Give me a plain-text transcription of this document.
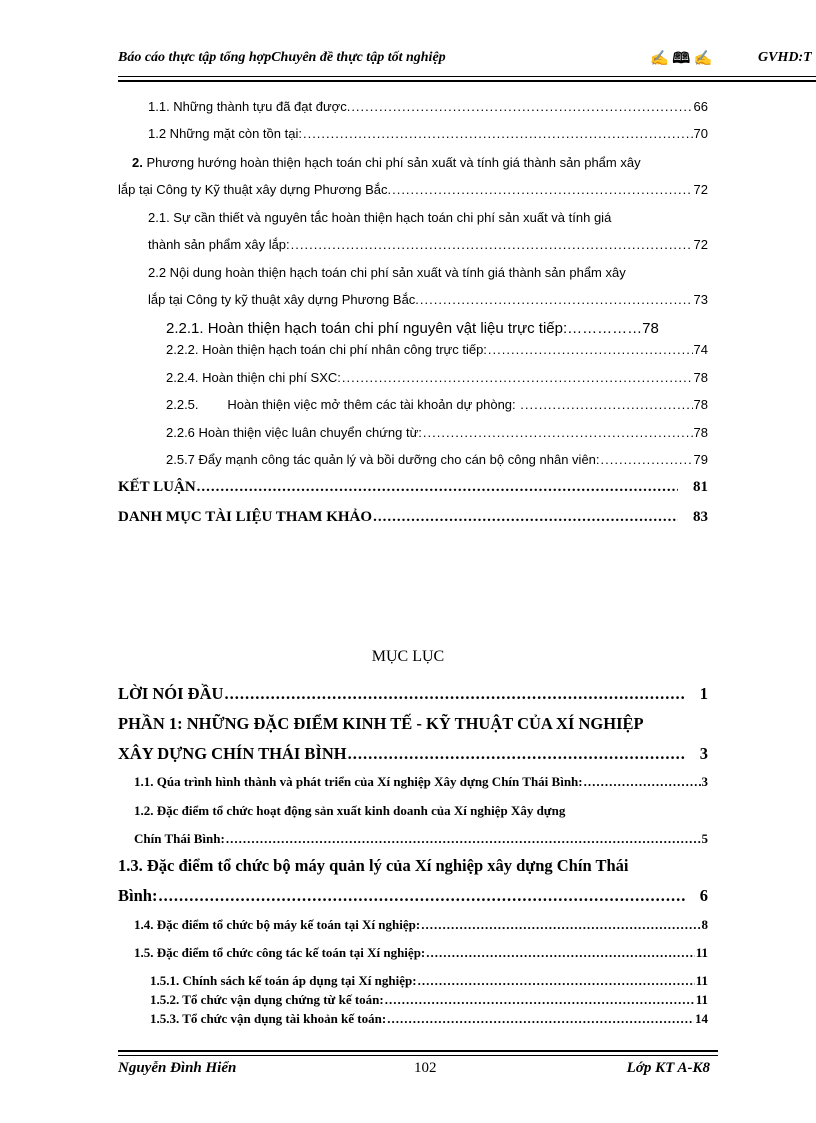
Báo cáo thực tập tổng hợpChuyên đề thực tập tốt nghiệp	✍ 🕮 ✍	GVHD:T
1.1. Những thành tựu đã đạt được. .....	66
1.2 Những mặt còn tồn tại: .....	70
2. Phương hướng hoàn thiện hạch toán chi phí sản xuất và tính giá thành sản phẩm xây
lắp tại Công ty Kỹ thuật xây dựng Phương Bắc. .....	72
2.1. Sự cần thiết và nguyên tắc hoàn thiện hạch toán chi phí sản xuất và tính giá
thành sản phẩm xây lắp: .....	72
2.2 Nội dung hoàn thiện hạch toán chi phí sản xuất và tính giá thành sản phẩm xây
lắp tại Công ty kỹ thuật xây dựng Phương Bắc. .....	73
2.2.1. Hoàn thiện hạch toán chi phí nguyên vật liệu trực tiếp:…………… 78
2.2.2. Hoàn thiện hạch toán chi phí nhân công trực tiếp: .....	74
2.2.4. Hoàn thiện chi phí SXC: .....	78
2.2.5.        Hoàn thiện việc mở thêm các tài khoản dự phòng: .....	78
2.2.6 Hoàn thiện việc luân chuyển chứng từ: .....	78
2.5.7 Đẩy mạnh công tác quản lý và bồi dưỡng cho cán bộ công nhân viên: .....	79
KẾT LUẬN .....	81
DANH MỤC TÀI LIỆU THAM KHẢO .....	83
MỤC LỤC
LỜI NÓI ĐẦU .....	1
PHẦN 1: NHỮNG ĐẶC ĐIỂM KINH TẾ - KỸ THUẬT CỦA XÍ NGHIỆP
XÂY DỰNG CHÍN THÁI BÌNH .....	3
1.1. Qúa trình hình thành và phát triển của Xí nghiệp Xây dựng Chín Thái Bình: .....	3
1.2. Đặc điểm tổ chức hoạt động sản xuất kinh doanh của Xí nghiệp Xây dựng
Chín Thái Bình: .....	5
1.3. Đặc điểm tổ chức bộ máy quản lý của Xí nghiệp xây dựng Chín Thái
Bình: .....	6
1.4. Đặc điểm tổ chức bộ máy kế toán tại Xí nghiệp: .....	8
1.5. Đặc điểm tổ chức công tác kế toán tại Xí nghiệp: .....	11
1.5.1. Chính sách kế toán áp dụng tại Xí nghiệp: .....	11
1.5.2. Tổ chức vận dụng chứng từ kế toán: .....	11
1.5.3. Tổ chức vận dụng tài khoản kế toán: .....	14
Nguyễn Đình Hiển	102	Lớp KT A-K8
